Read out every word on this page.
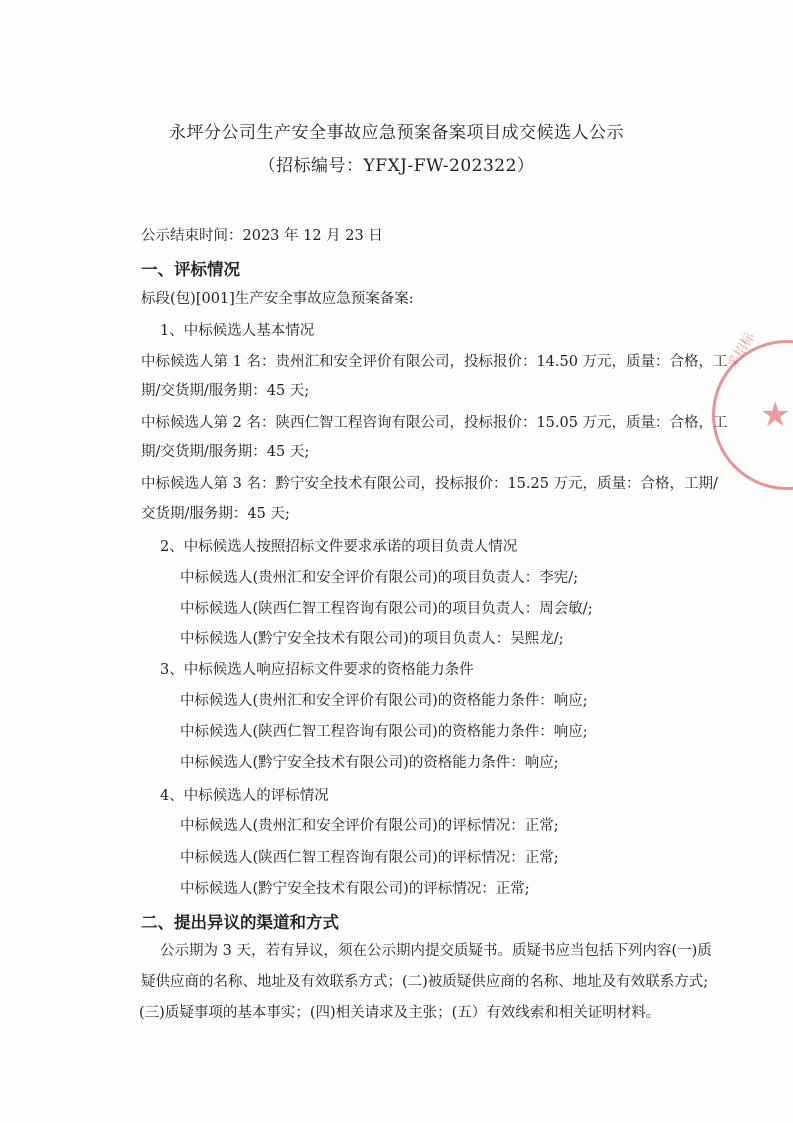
永坪分公司生产安全事故应急预案备案项目成交候选人公示
（招标编号：YFXJ-FW-202322）
公示结束时间：2023 年 12 月 23 日
一、评标情况
标段(包)[001]生产安全事故应急预案备案:
1、中标候选人基本情况
中标候选人第 1 名：贵州汇和安全评价有限公司，投标报价：14.50 万元，质量：合格，工
期/交货期/服务期：45 天;
中标候选人第 2 名：陕西仁智工程咨询有限公司，投标报价：15.05 万元，质量：合格，工
期/交货期/服务期：45 天;
中标候选人第 3 名：黔宁安全技术有限公司，投标报价：15.25 万元，质量：合格，工期/
交货期/服务期：45 天;
2、中标候选人按照招标文件要求承诺的项目负责人情况
中标候选人(贵州汇和安全评价有限公司)的项目负责人：李宪/;
中标候选人(陕西仁智工程咨询有限公司)的项目负责人：周会敏/;
中标候选人(黔宁安全技术有限公司)的项目负责人：吴熙龙/;
3、中标候选人响应招标文件要求的资格能力条件
中标候选人(贵州汇和安全评价有限公司)的资格能力条件：响应;
中标候选人(陕西仁智工程咨询有限公司)的资格能力条件：响应;
中标候选人(黔宁安全技术有限公司)的资格能力条件：响应;
4、中标候选人的评标情况
中标候选人(贵州汇和安全评价有限公司)的评标情况：正常;
中标候选人(陕西仁智工程咨询有限公司)的评标情况：正常;
中标候选人(黔宁安全技术有限公司)的评标情况：正常;
二、提出异议的渠道和方式
公示期为 3 天，若有异议，须在公示期内提交质疑书。质疑书应当包括下列内容(一)质
疑供应商的名称、地址及有效联系方式；(二)被质疑供应商的名称、地址及有效联系方式;
(三)质疑事项的基本事实；(四)相关请求及主张；(五）有效线索和相关证明材料。
★
采招标
